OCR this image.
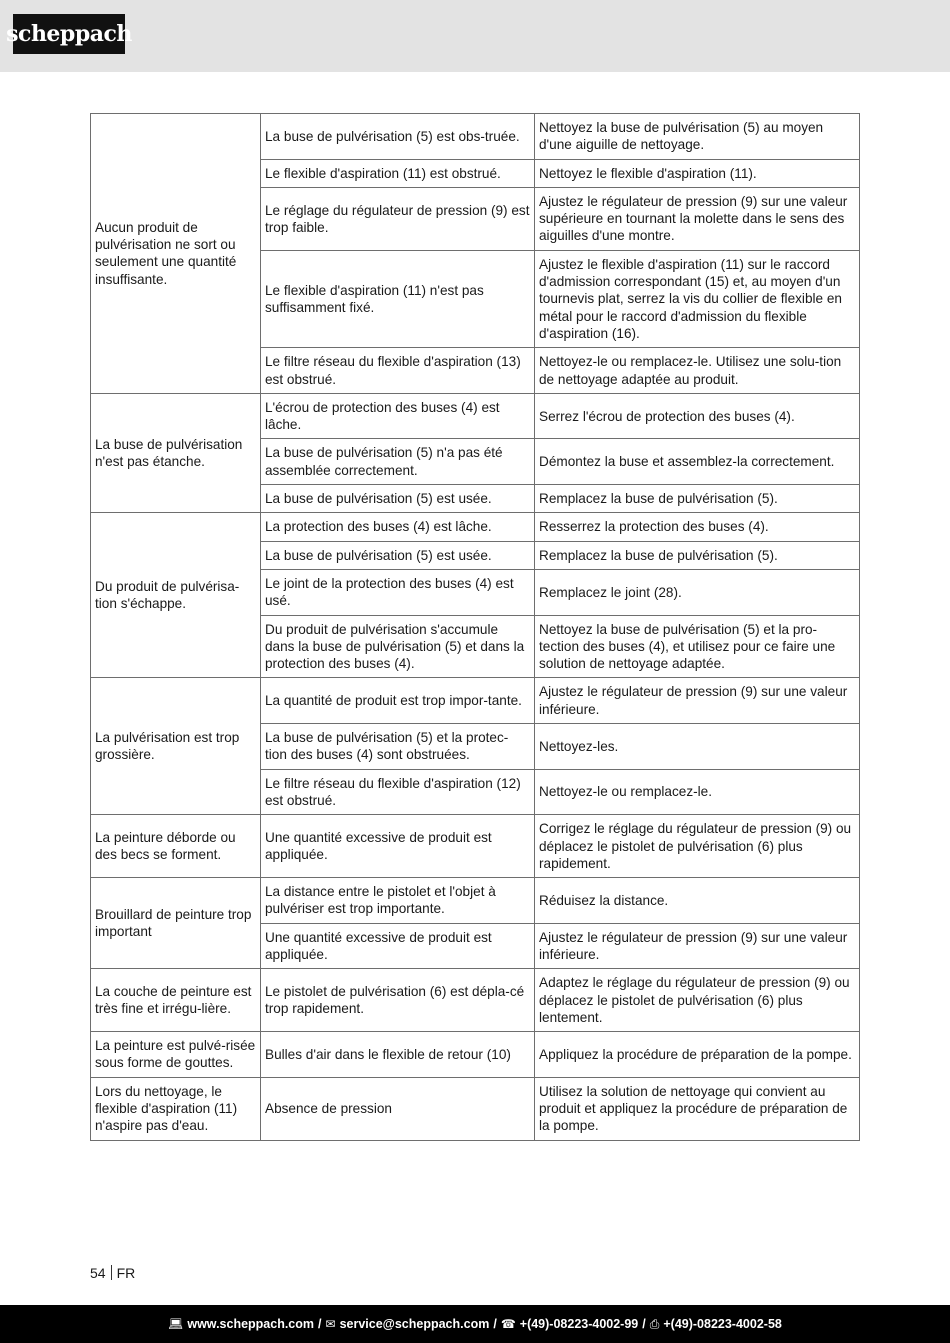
scheppach
Aucun produit de pulvérisation ne sort ou seulement une quantité insuffisante.	La buse de pulvérisation (5) est obs-truée.	Nettoyez la buse de pulvérisation (5) au moyen d'une aiguille de nettoyage.
	Le flexible d'aspiration (11) est obstrué.	Nettoyez le flexible d'aspiration (11).
	Le réglage du régulateur de pression (9) est trop faible.	Ajustez le régulateur de pression (9) sur une valeur supérieure en tournant la molette dans le sens des aiguilles d'une montre.
	Le flexible d'aspiration (11) n'est pas suffisamment fixé.	Ajustez le flexible d'aspiration (11) sur le raccord d'admission correspondant (15) et, au moyen d'un tournevis plat, serrez la vis du collier de flexible en métal pour le raccord d'admission du flexible d'aspiration (16).
	Le filtre réseau du flexible d'aspiration (13) est obstrué.	Nettoyez-le ou remplacez-le. Utilisez une solu-tion de nettoyage adaptée au produit.
La buse de pulvérisation n'est pas étanche.	L'écrou de protection des buses (4) est lâche.	Serrez l'écrou de protection des buses (4).
	La buse de pulvérisation (5) n'a pas été assemblée correctement.	Démontez la buse et assemblez-la correctement.
	La buse de pulvérisation (5) est usée.	Remplacez la buse de pulvérisation (5).
Du produit de pulvérisa-tion s'échappe.	La protection des buses (4) est lâche.	Resserrez la protection des buses (4).
	La buse de pulvérisation (5) est usée.	Remplacez la buse de pulvérisation (5).
	Le joint de la protection des buses (4) est usé.	Remplacez le joint (28).
	Du produit de pulvérisation s'accumule dans la buse de pulvérisation (5) et dans la protection des buses (4).	Nettoyez la buse de pulvérisation (5) et la pro-tection des buses (4), et utilisez pour ce faire une solution de nettoyage adaptée.
La pulvérisation est trop grossière.	La quantité de produit est trop impor-tante.	Ajustez le régulateur de pression (9) sur une valeur inférieure.
	La buse de pulvérisation (5) et la protec-tion des buses (4) sont obstruées.	Nettoyez-les.
	Le filtre réseau du flexible d'aspiration (12) est obstrué.	Nettoyez-le ou remplacez-le.
La peinture déborde ou des becs se forment.	Une quantité excessive de produit est appliquée.	Corrigez le réglage du régulateur de pression (9) ou déplacez le pistolet de pulvérisation (6) plus rapidement.
Brouillard de peinture trop important	La distance entre le pistolet et l'objet à pulvériser est trop importante.	Réduisez la distance.
	Une quantité excessive de produit est appliquée.	Ajustez le régulateur de pression (9) sur une valeur inférieure.
La couche de peinture est très fine et irrégu-lière.	Le pistolet de pulvérisation (6) est dépla-cé trop rapidement.	Adaptez le réglage du régulateur de pression (9) ou déplacez le pistolet de pulvérisation (6) plus lentement.
La peinture est pulvé-risée sous forme de gouttes.	Bulles d'air dans le flexible de retour (10)	Appliquez la procédure de préparation de la pompe.
Lors du nettoyage, le flexible d'aspiration (11) n'aspire pas d'eau.	Absence de pression	Utilisez la solution de nettoyage qui convient au produit et appliquez la procédure de préparation de la pompe.
54 FR
💻︎ www.scheppach.com / ✉︎ service@scheppach.com / ☎︎ +(49)-08223-4002-99 / ⎙ +(49)-08223-4002-58
